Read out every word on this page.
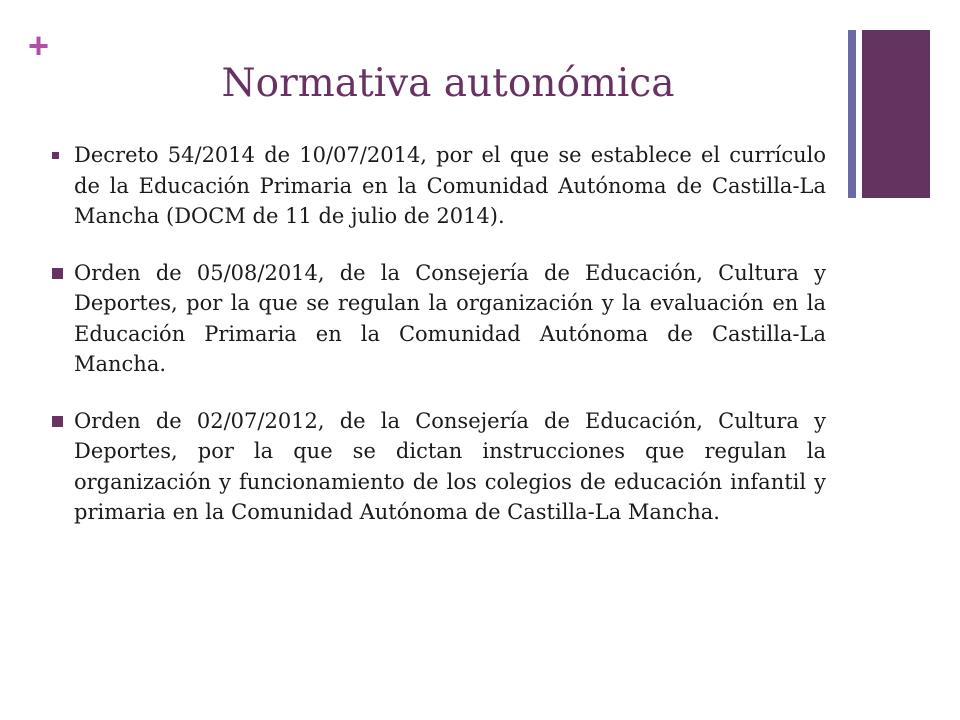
+
Normativa autonómica

Decreto 54/2014 de 10/07/2014, por el que se establece el currículo de la Educación Primaria en la Comunidad Autónoma de Castilla-La Mancha (DOCM de 11 de julio de 2014).

Orden de 05/08/2014, de la Consejería de Educación, Cultura y Deportes, por la que se regulan la organización y la evaluación en la Educación Primaria en la Comunidad Autónoma de Castilla-La Mancha.

Orden de 02/07/2012, de la Consejería de Educación, Cultura y Deportes, por la que se dictan instrucciones que regulan la organización y funcionamiento de los colegios de educación infantil y primaria en la Comunidad Autónoma de Castilla-La Mancha.
